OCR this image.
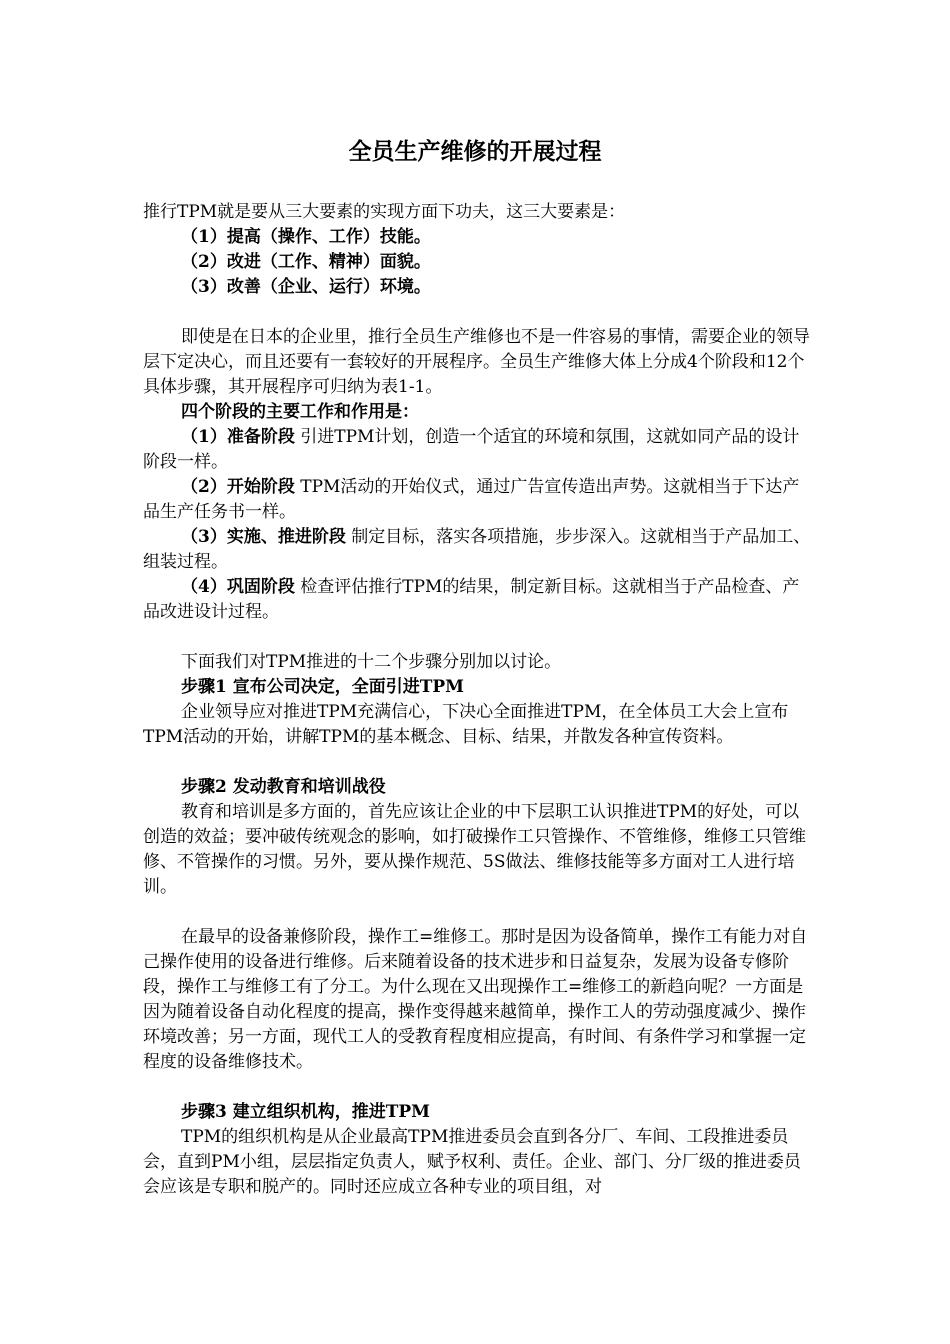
全员生产维修的开展过程

推行TPM就是要从三大要素的实现方面下功夫，这三大要素是：

（1）提高（操作、工作）技能。

（2）改进（工作、精神）面貌。

（3）改善（企业、运行）环境。

即使是在日本的企业里，推行全员生产维修也不是一件容易的事情，需要企业的领导层下定决心，而且还要有一套较好的开展程序。全员生产维修大体上分成4个阶段和12个具体步骤，其开展程序可归纳为表1-1。

四个阶段的主要工作和作用是：

（1）准备阶段 引进TPM计划，创造一个适宜的环境和氛围，这就如同产品的设计阶段一样。

（2）开始阶段 TPM活动的开始仪式，通过广告宣传造出声势。这就相当于下达产品生产任务书一样。

（3）实施、推进阶段 制定目标，落实各项措施，步步深入。这就相当于产品加工、组装过程。

（4）巩固阶段 检查评估推行TPM的结果，制定新目标。这就相当于产品检查、产品改进设计过程。

下面我们对TPM推进的十二个步骤分别加以讨论。

步骤1 宣布公司决定，全面引进TPM

企业领导应对推进TPM充满信心，下决心全面推进TPM，在全体员工大会上宣布TPM活动的开始，讲解TPM的基本概念、目标、结果，并散发各种宣传资料。

步骤2 发动教育和培训战役

教育和培训是多方面的，首先应该让企业的中下层职工认识推进TPM的好处，可以创造的效益；要冲破传统观念的影响，如打破操作工只管操作、不管维修，维修工只管维修、不管操作的习惯。另外，要从操作规范、5S做法、维修技能等多方面对工人进行培训。

在最早的设备兼修阶段，操作工=维修工。那时是因为设备简单，操作工有能力对自己操作使用的设备进行维修。后来随着设备的技术进步和日益复杂，发展为设备专修阶段，操作工与维修工有了分工。为什么现在又出现操作工=维修工的新趋向呢？一方面是因为随着设备自动化程度的提高，操作变得越来越简单，操作工人的劳动强度减少、操作环境改善；另一方面，现代工人的受教育程度相应提高，有时间、有条件学习和掌握一定程度的设备维修技术。

步骤3 建立组织机构，推进TPM

TPM的组织机构是从企业最高TPM推进委员会直到各分厂、车间、工段推进委员会，直到PM小组，层层指定负责人，赋予权利、责任。企业、部门、分厂级的推进委员会应该是专职和脱产的。同时还应成立各种专业的项目组，对
